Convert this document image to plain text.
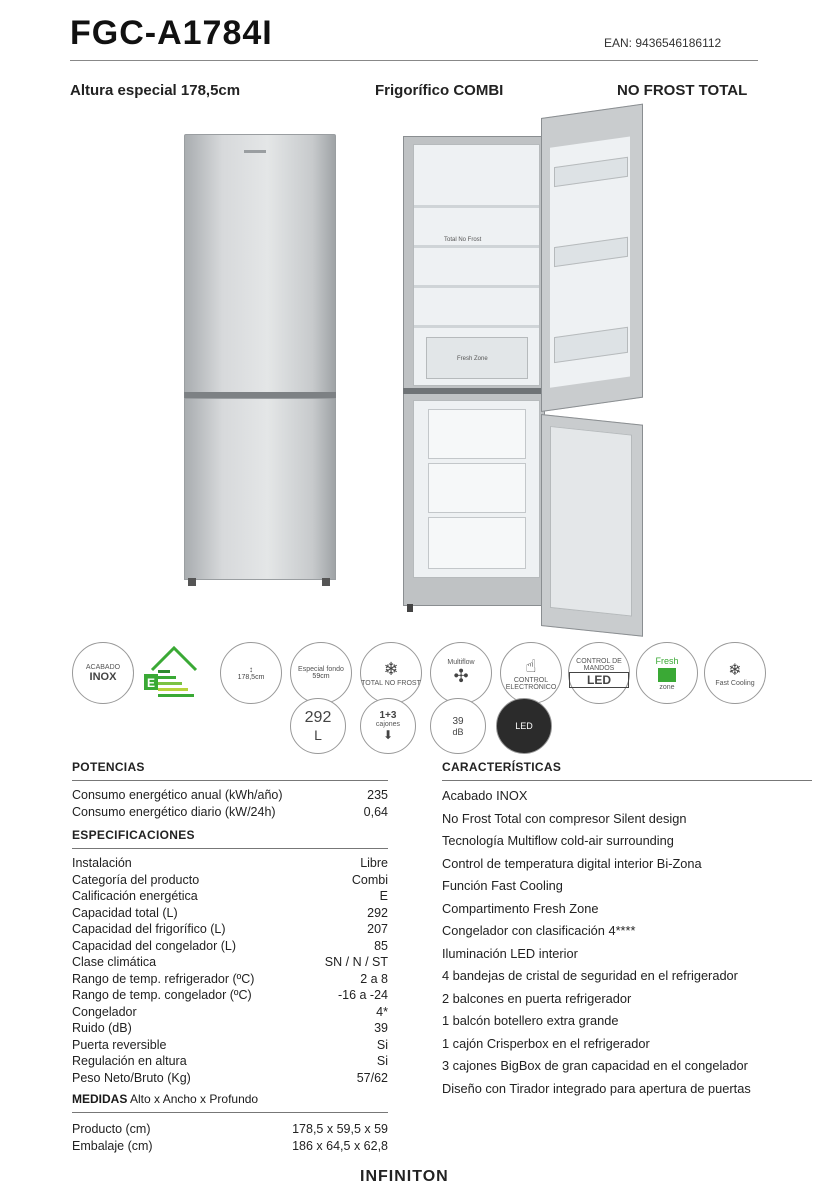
FGC-A1784I	EAN: 9436546186112
Altura especial 178,5cm	Frigorífico COMBI	NO FROST TOTAL
Total No Frost
Fresh Zone
ACABADO
INOX	E
↕
178,5cm
Especial fondo
59cm	❄
TOTAL NO FROST
Multiflow
✣
☝
CONTROL ELECTRÓNICO
CONTROL DE MANDOS
LED
Fresh
zone
❄
Fast Cooling
292
L
1+3
cajones
⬇
39
dB
LED
POTENCIAS
Consumo energético anual (kWh/año)	235
Consumo energético diario (kW/24h)	0,64
ESPECIFICACIONES
Instalación	Libre
Categoría del producto	Combi
Calificación energética	E
Capacidad total (L)	292
Capacidad del frigorífico (L)	207
Capacidad del congelador (L)	85
Clase climática	SN / N / ST
Rango de temp. refrigerador (ºC)	2 a 8
Rango de temp. congelador (ºC)	-16 a -24
Congelador	4*
Ruido (dB)	39
Puerta reversible	Si
Regulación en altura	Si
Peso Neto/Bruto (Kg)	57/62
MEDIDAS Alto x Ancho x Profundo
Producto (cm)	178,5 x 59,5 x 59
Embalaje (cm)	186 x 64,5 x 62,8
CARACTERÍSTICAS
Acabado INOX
No Frost Total con compresor Silent design
Tecnología Multiflow cold-air surrounding
Control de temperatura digital interior Bi-Zona
Función Fast Cooling
Compartimento Fresh Zone
Congelador con clasificación 4****
Iluminación LED interior
4 bandejas de cristal de seguridad en el refrigerador
2 balcones en puerta refrigerador
1 balcón botellero extra grande
1 cajón Crisperbox en el refrigerador
3 cajones BigBox de gran capacidad en el congelador
Diseño con Tirador integrado para apertura de puertas
INFINITON
